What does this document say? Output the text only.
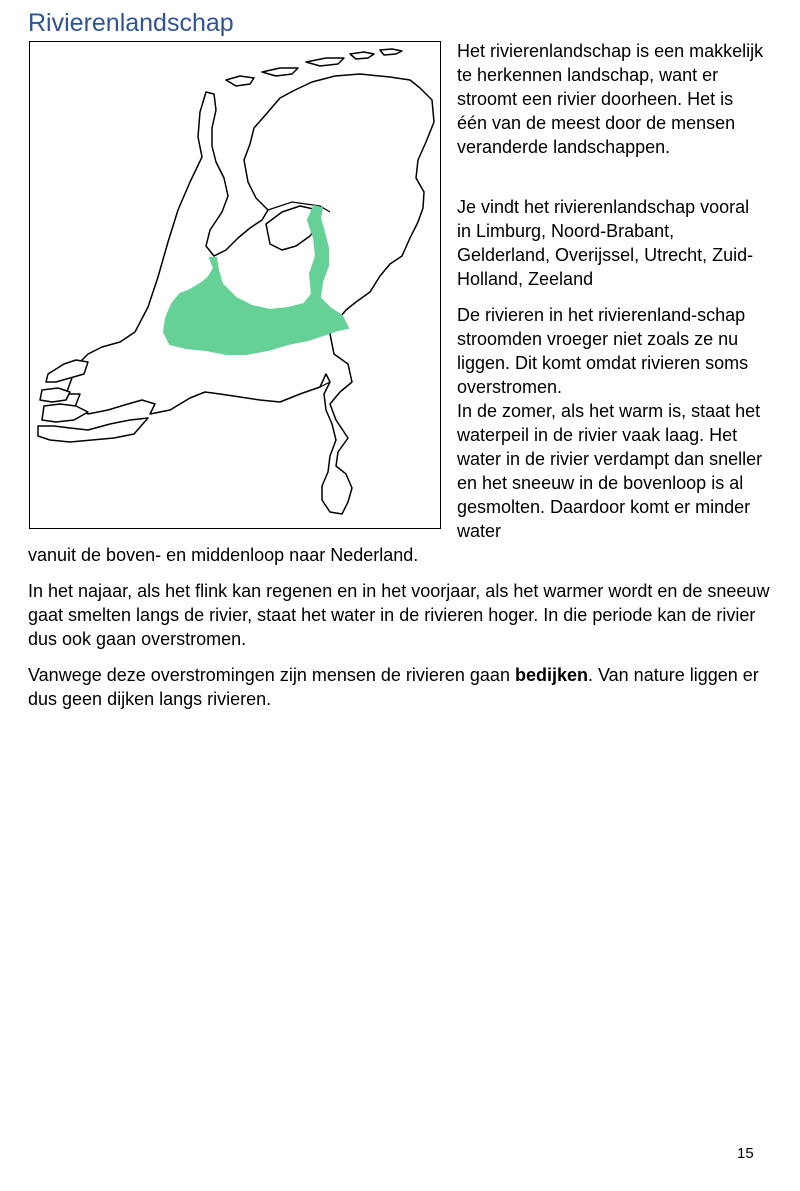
Rivierenlandschap

Het rivierenlandschap is een makkelijk te herkennen landschap, want er stroomt een rivier doorheen. Het is één van de meest door de mensen veranderde landschappen.

Je vindt het rivierenlandschap vooral in Limburg, Noord-Brabant, Gelderland, Overijssel, Utrecht, Zuid-Holland, Zeeland

De rivieren in het rivierenland-schap stroomden vroeger niet zoals ze nu liggen. Dit komt omdat rivieren soms overstromen.
In de zomer, als het warm is, staat het waterpeil in de rivier vaak laag. Het water in de rivier verdampt dan sneller en het sneeuw in de bovenloop is al gesmolten. Daardoor komt er minder water

vanuit de boven- en middenloop naar Nederland.

In het najaar, als het flink kan regenen en in het voorjaar, als het warmer wordt en de sneeuw gaat smelten langs de rivier, staat het water in de rivieren hoger. In die periode kan de rivier dus ook gaan overstromen.

Vanwege deze overstromingen zijn mensen de rivieren gaan bedijken. Van nature liggen er dus geen dijken langs rivieren.

15
